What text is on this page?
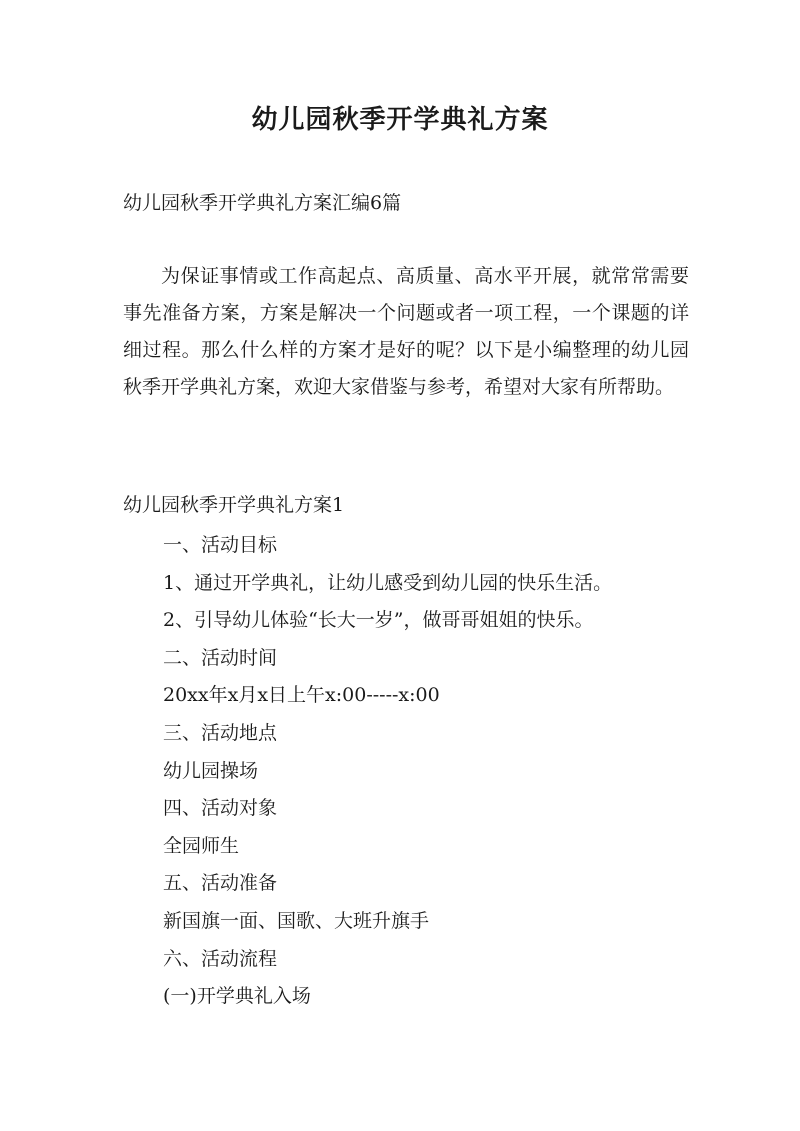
幼儿园秋季开学典礼方案
幼儿园秋季开学典礼方案汇编6篇

为保证事情或工作高起点、高质量、高水平开展，就常常需要事先准备方案，方案是解决一个问题或者一项工程，一个课题的详细过程。那么什么样的方案才是好的呢？以下是小编整理的幼儿园秋季开学典礼方案，欢迎大家借鉴与参考，希望对大家有所帮助。

幼儿园秋季开学典礼方案1
一、活动目标
1、通过开学典礼，让幼儿感受到幼儿园的快乐生活。
2、引导幼儿体验“长大一岁”，做哥哥姐姐的快乐。
二、活动时间
20xx年x月x日上午x:00-----x:00
三、活动地点
幼儿园操场
四、活动对象
全园师生
五、活动准备
新国旗一面、国歌、大班升旗手
六、活动流程
(一)开学典礼入场
